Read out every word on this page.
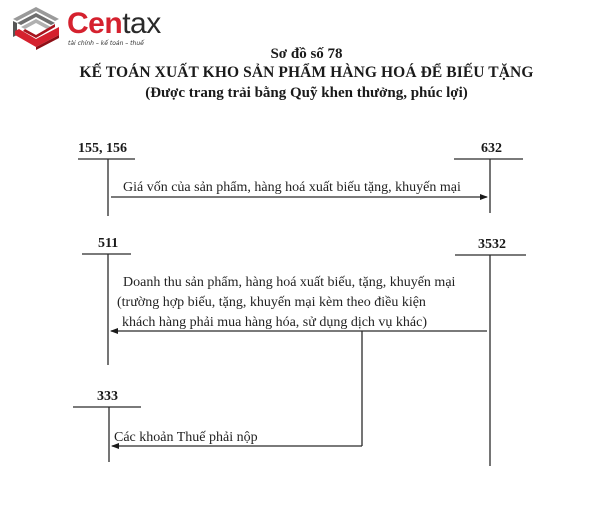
Centax
tài chính – kế toán – thuế
Sơ đồ số 78
KẾ TOÁN XUẤT KHO SẢN PHẨM HÀNG HOÁ ĐỂ BIẾU TẶNG
(Được trang trải bằng Quỹ khen thưởng, phúc lợi)
155, 156	632
511	3532
333
Giá vốn của sản phẩm, hàng hoá xuất biếu tặng, khuyến mại
Doanh thu sản phẩm, hàng hoá xuất biếu, tặng, khuyến mại
(trường hợp biếu, tặng, khuyến mại kèm theo điều kiện
khách hàng phải mua hàng hóa, sử dụng dịch vụ khác)
Các khoản Thuế phải nộp
